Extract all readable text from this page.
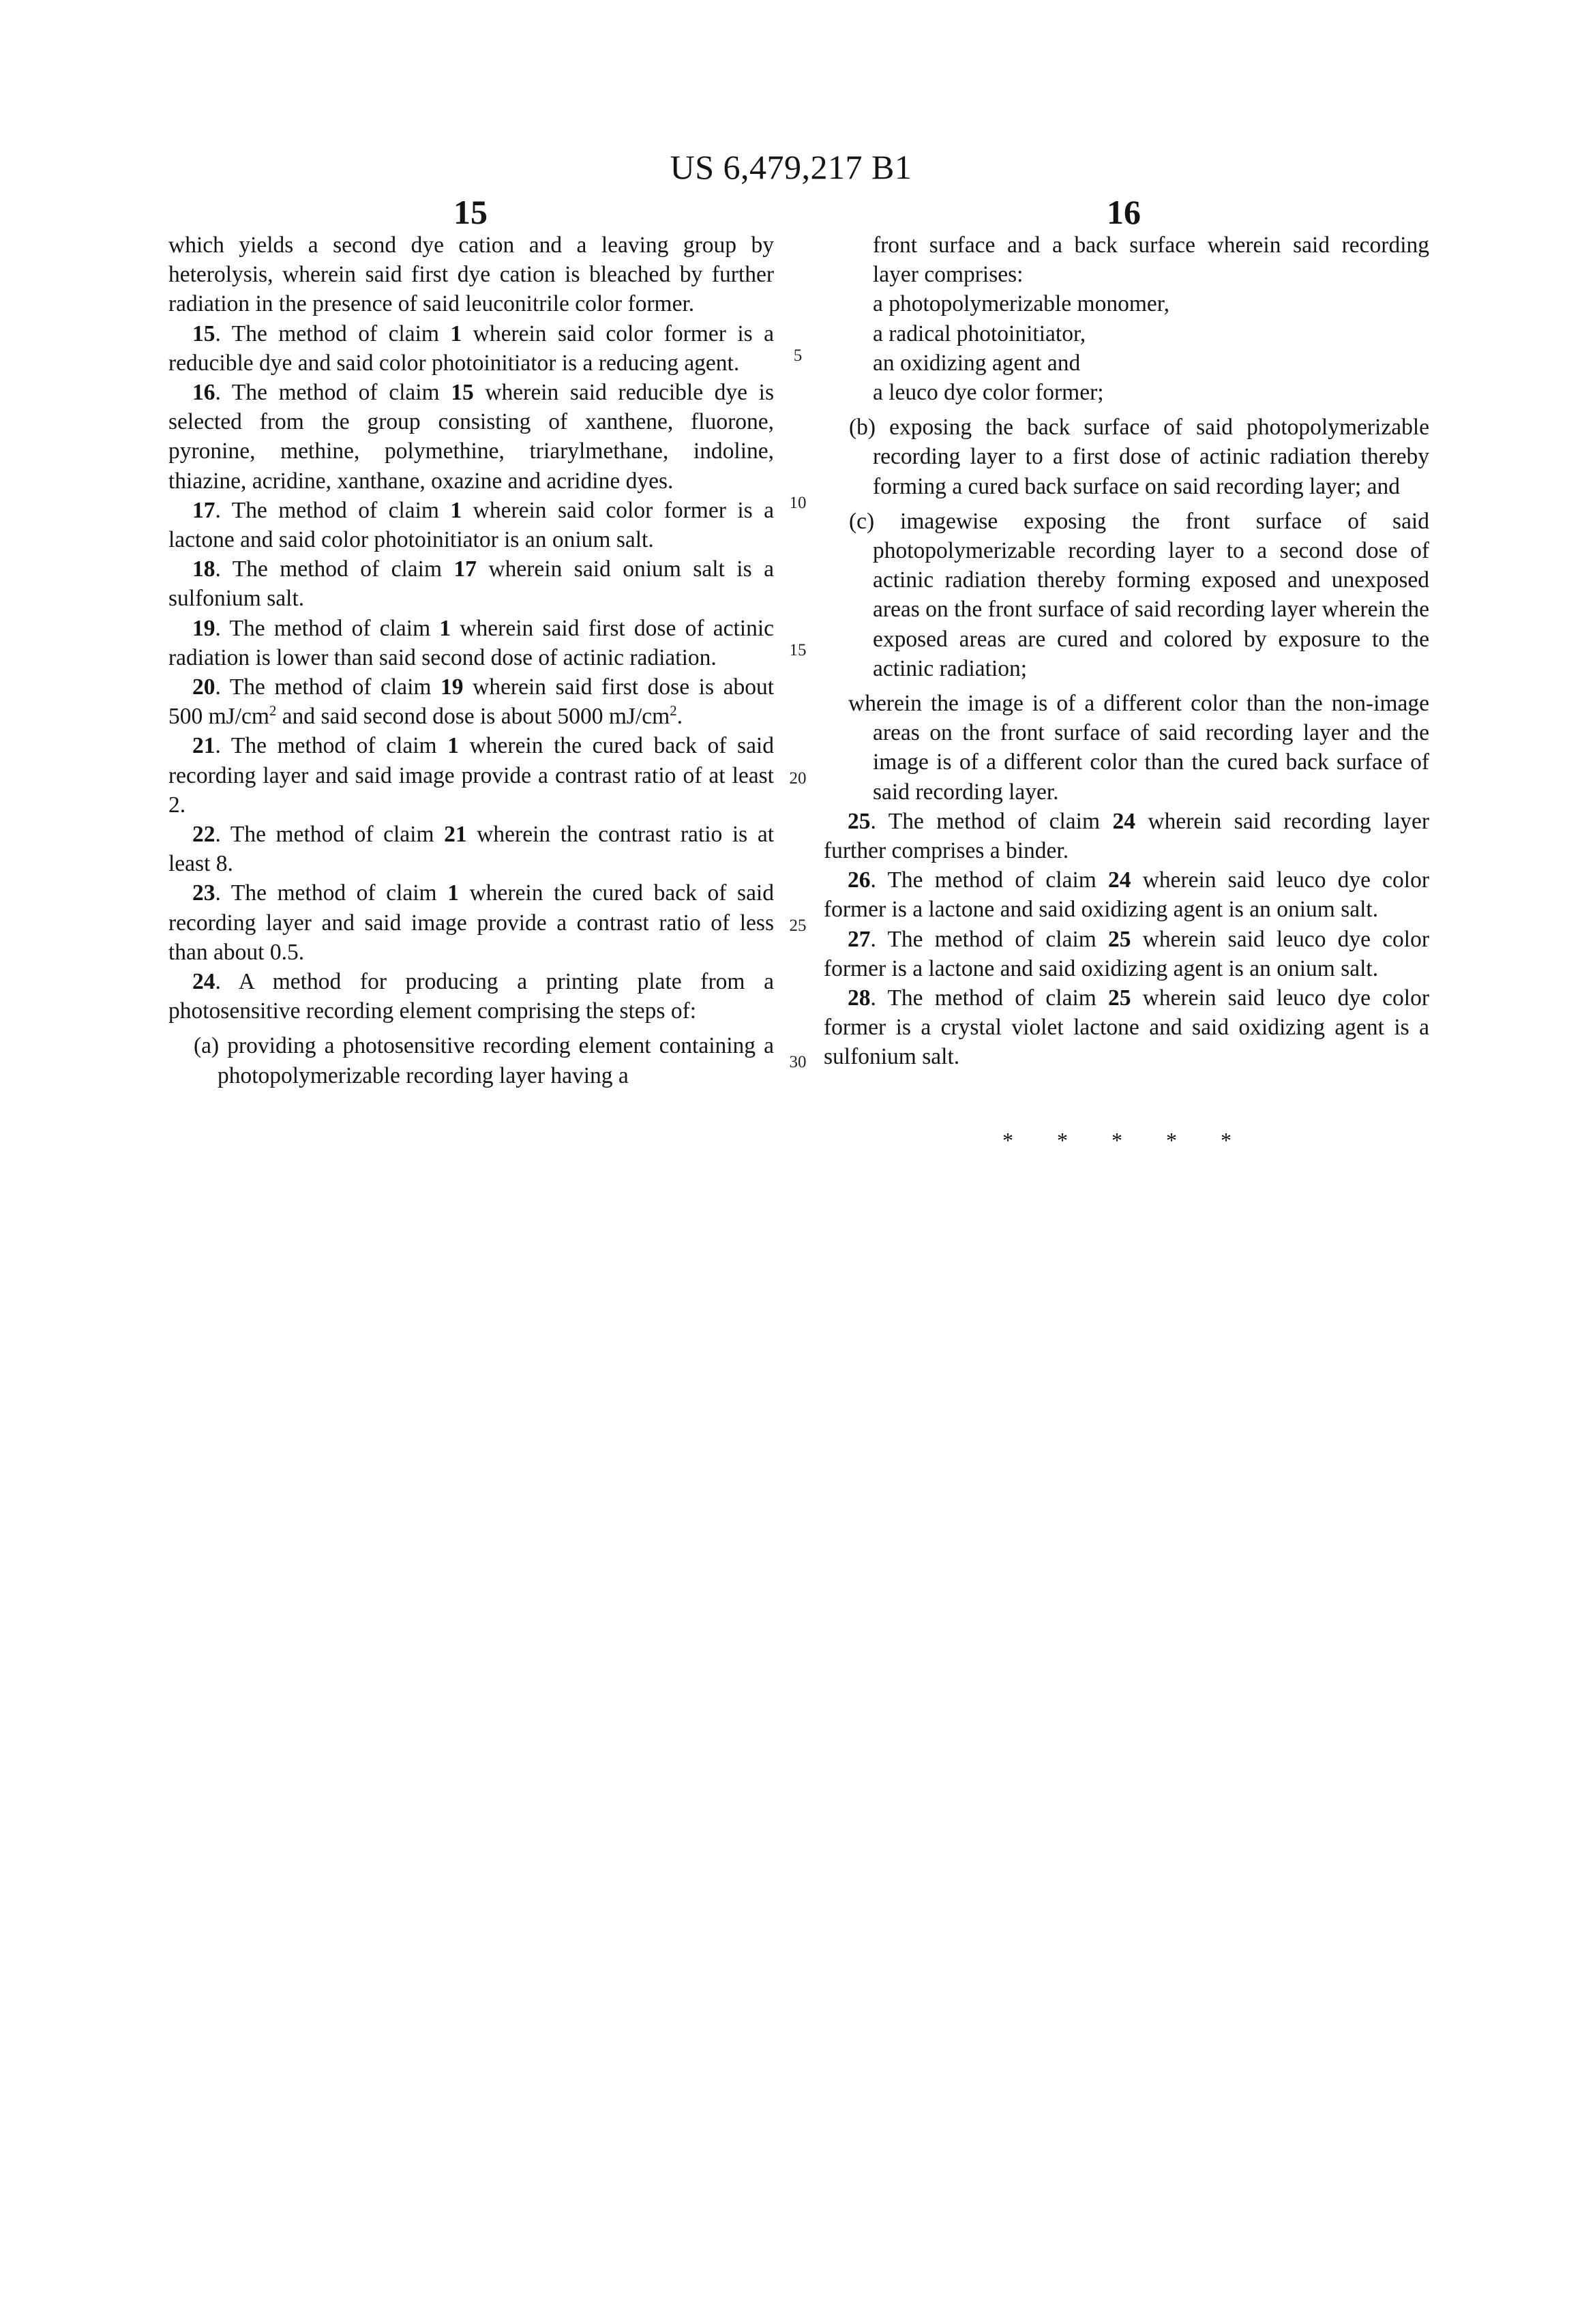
US 6,479,217 B1
15	16
5
10
15
20
25
30

which yields a second dye cation and a leaving group by heterolysis, wherein said first dye cation is bleached by further radiation in the presence of said leuconitrile color former.

15. The method of claim 1 wherein said color former is a reducible dye and said color photoinitiator is a reducing agent.

16. The method of claim 15 wherein said reducible dye is selected from the group consisting of xanthene, fluorone, pyronine, methine, polymethine, triarylmethane, indoline, thiazine, acridine, xanthane, oxazine and acridine dyes.

17. The method of claim 1 wherein said color former is a lactone and said color photoinitiator is an onium salt.

18. The method of claim 17 wherein said onium salt is a sulfonium salt.

19. The method of claim 1 wherein said first dose of actinic radiation is lower than said second dose of actinic radiation.

20. The method of claim 19 wherein said first dose is about 500 mJ/cm2 and said second dose is about 5000 mJ/cm2.

21. The method of claim 1 wherein the cured back of said recording layer and said image provide a contrast ratio of at least 2.

22. The method of claim 21 wherein the contrast ratio is at least 8.

23. The method of claim 1 wherein the cured back of said recording layer and said image provide a contrast ratio of less than about 0.5.

24. A method for producing a printing plate from a photosensitive recording element comprising the steps of:

(a) providing a photosensitive recording element containing a photopolymerizable recording layer having a

front surface and a back surface wherein said recording layer comprises:

a photopolymerizable monomer,

a radical photoinitiator,

an oxidizing agent and

a leuco dye color former;

(b) exposing the back surface of said photopolymerizable recording layer to a first dose of actinic radiation thereby forming a cured back surface on said recording layer; and

(c) imagewise exposing the front surface of said photopolymerizable recording layer to a second dose of actinic radiation thereby forming exposed and unexposed areas on the front surface of said recording layer wherein the exposed areas are cured and colored by exposure to the actinic radiation;

wherein the image is of a different color than the non-image areas on the front surface of said recording layer and the image is of a different color than the cured back surface of said recording layer.

25. The method of claim 24 wherein said recording layer further comprises a binder.

26. The method of claim 24 wherein said leuco dye color former is a lactone and said oxidizing agent is an onium salt.

27. The method of claim 25 wherein said leuco dye color former is a lactone and said oxidizing agent is an onium salt.

28. The method of claim 25 wherein said leuco dye color former is a crystal violet lactone and said oxidizing agent is a sulfonium salt.

* * * * *
